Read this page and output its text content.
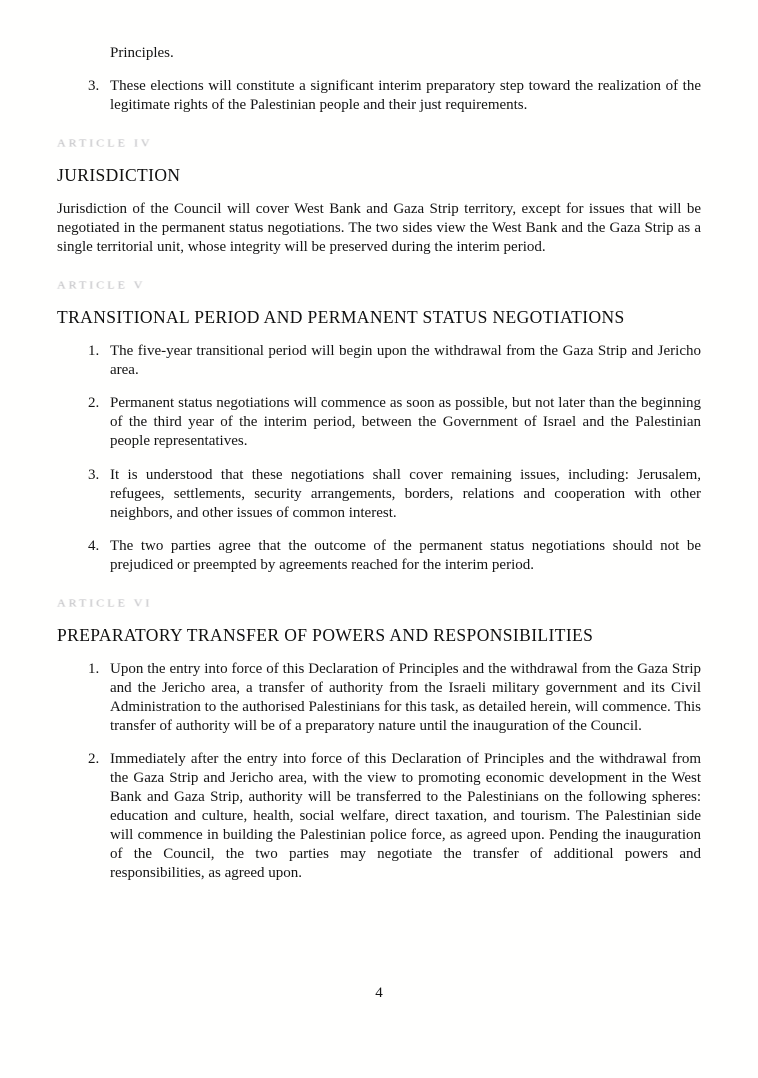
Principles.

3. These elections will constitute a significant interim preparatory step toward the realization of the legitimate rights of the Palestinian people and their just requirements.
ARTICLE IV
JURISDICTION

Jurisdiction of the Council will cover West Bank and Gaza Strip territory, except for issues that will be negotiated in the permanent status negotiations. The two sides view the West Bank and the Gaza Strip as a single territorial unit, whose integrity will be preserved during the interim period.

ARTICLE V
TRANSITIONAL PERIOD AND PERMANENT STATUS NEGOTIATIONS
1. The five-year transitional period will begin upon the withdrawal from the Gaza Strip and Jericho area.
2. Permanent status negotiations will commence as soon as possible, but not later than the beginning of the third year of the interim period, between the Government of Israel and the Palestinian people representatives.
3. It is understood that these negotiations shall cover remaining issues, including: Jerusalem, refugees, settlements, security arrangements, borders, relations and cooperation with other neighbors, and other issues of common interest.
4. The two parties agree that the outcome of the permanent status negotiations should not be prejudiced or preempted by agreements reached for the interim period.
ARTICLE VI
PREPARATORY TRANSFER OF POWERS AND RESPONSIBILITIES
1. Upon the entry into force of this Declaration of Principles and the withdrawal from the Gaza Strip and the Jericho area, a transfer of authority from the Israeli military government and its Civil Administration to the authorised Palestinians for this task, as detailed herein, will commence. This transfer of authority will be of a preparatory nature until the inauguration of the Council.
2. Immediately after the entry into force of this Declaration of Principles and the withdrawal from the Gaza Strip and Jericho area, with the view to promoting economic development in the West Bank and Gaza Strip, authority will be transferred to the Palestinians on the following spheres: education and culture, health, social welfare, direct taxation, and tourism. The Palestinian side will commence in building the Palestinian police force, as agreed upon. Pending the inauguration of the Council, the two parties may negotiate the transfer of additional powers and responsibilities, as agreed upon.
4
